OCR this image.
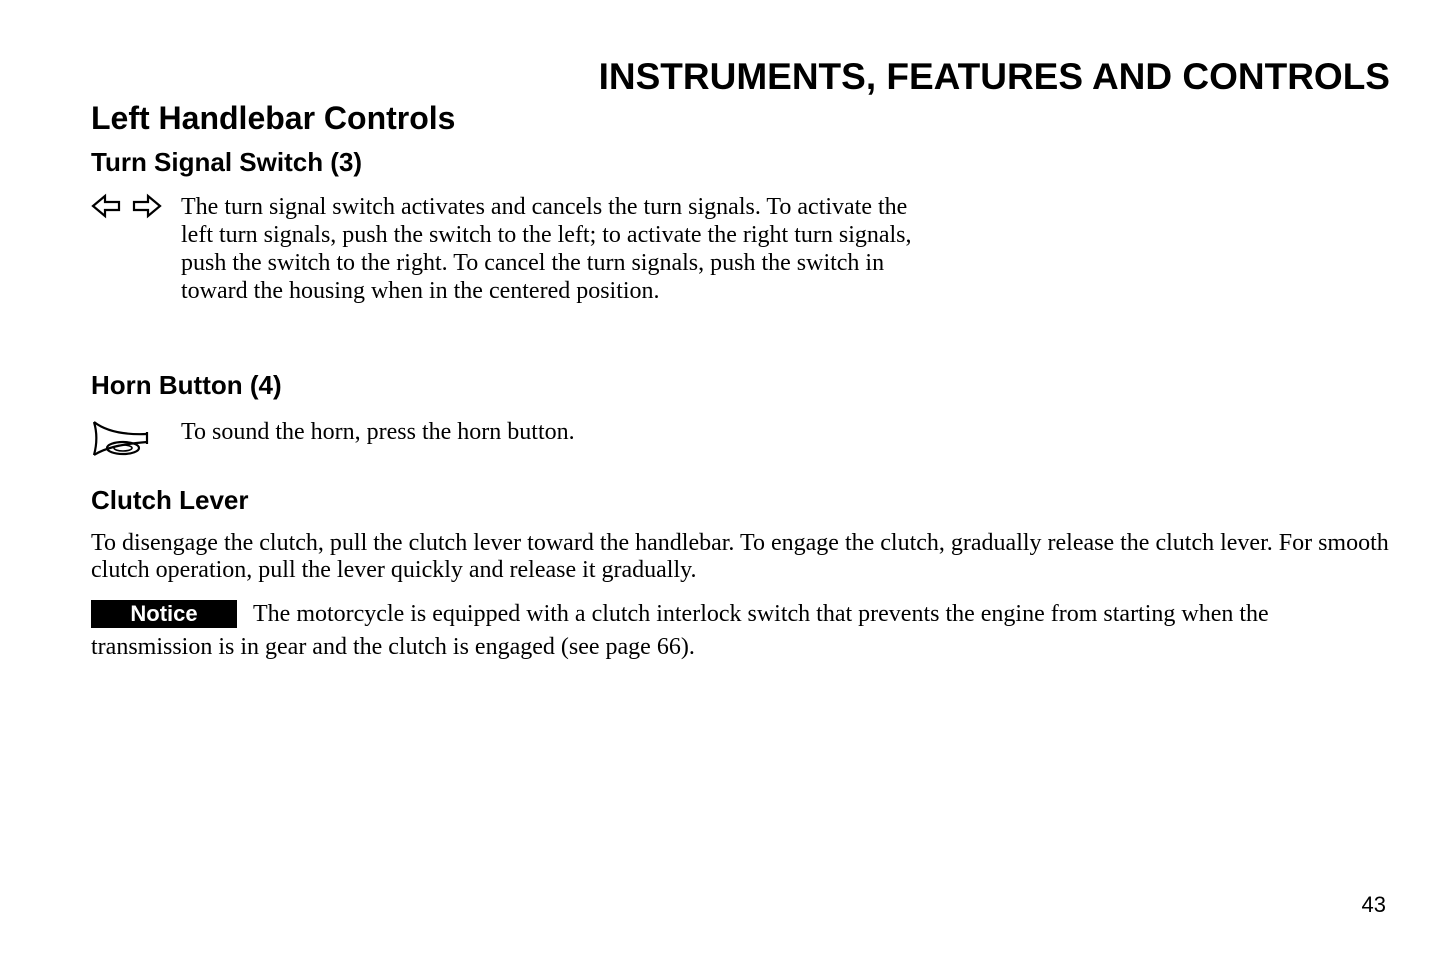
INSTRUMENTS, FEATURES AND CONTROLS
Left Handlebar Controls
Turn Signal Switch (3)
The turn signal switch activates and cancels the turn signals. To activate the left turn signals, push the switch to the left; to activate the right turn signals, push the switch to the right. To cancel the turn signals, push the switch in toward the housing when in the centered position.
Horn Button (4)
To sound the horn, press the horn button.
Clutch Lever
To disengage the clutch, pull the clutch lever toward the handlebar. To engage the clutch, gradually release the clutch lever. For smooth clutch operation, pull the lever quickly and release it gradually.
Notice	The motorcycle is equipped with a clutch interlock switch that prevents the engine from starting when the transmission is in gear and the clutch is engaged (see page 66).
43
